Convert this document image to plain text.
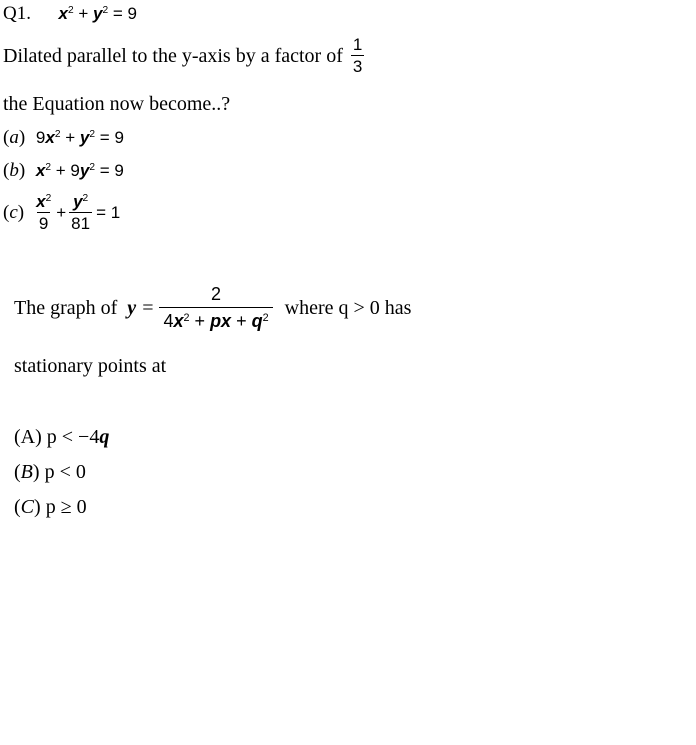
Q1. $x^2 + y^2 = 9$
Dilated parallel to the y-axis by a factor of $\frac{1}{3}$
the Equation now become..?
(a) $9x^2 + y^2 = 9$
(b) $x^2 + 9y^2 = 9$
$(c) \frac{x^2}{9} + \frac{y^2}{81} = 1$
The graph of $y = \frac{2}{4x^2 + px + q^2}$ where q > 0 has
stationary points at
(A) p < −4q
(B) p < 0
(C) p ≥ 0
